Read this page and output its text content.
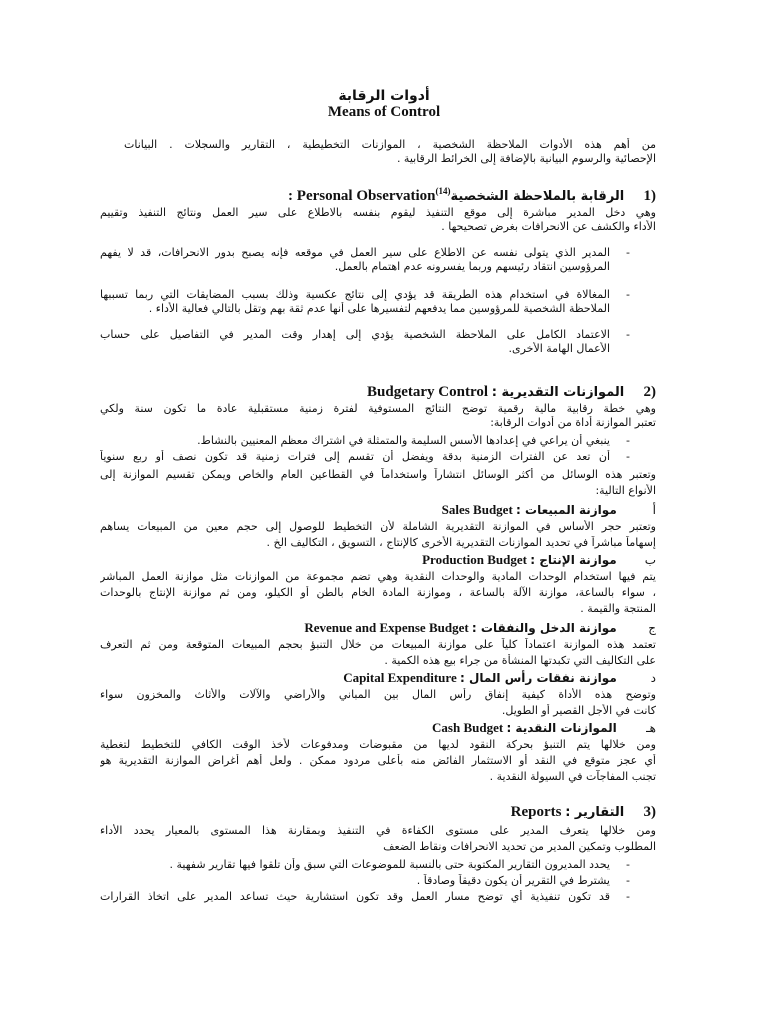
أدوات الرقابة
Means of Control
من أهم هذه الأدوات الملاحظة الشخصية ، الموازنات التخطيطية ، التقارير والسجلات . البيانات
الإحصائية والرسوم البيانية بالإضافة إلى الخرائط الرقابية .
(1 الرقابة بالملاحظة الشخصية$^{(14)}$: Personal Observation
وهي دخل المدير مباشرة إلى موقع التنفيذ ليقوم بنفسه بالاطلاع على سير العمل ونتائج التنفيذ وتقييم
الأداء والكشف عن الانحرافات بغرض تصحيحها .
-
المدير الذي يتولى نفسه عن الاطلاع على سير العمل في موقعه فإنه يصبح بدور الانحرافات، قد لا يفهم
المرؤوسين انتقاد رئيسهم وربما يفسرونه عدم اهتمام بالعمل.
-
المغالاة في استخدام هذه الطريقة قد يؤدي إلى نتائج عكسية وذلك بسبب المضايقات التي ربما تسببها
الملاحظة الشخصية للمرؤوسين مما يدفعهم لتفسيرها على أنها عدم ثقة بهم وتقل بالتالي فعالية الأداء .
-
الاعتماد الكامل على الملاحظة الشخصية يؤدي إلى إهدار وقت المدير في التفاصيل على حساب
الأعمال الهامة الأخرى.
(2 الموازنات التقديرية : Budgetary Control
وهي خطة رقابية مالية رقمية توضح النتائج المستوفية لفترة زمنية مستقبلية عادة ما تكون سنة ولكي
تعتبر الموازنة أداة من أدوات الرقابة:
-
ينبغي أن يراعي في إعدادها الأسس السليمة والمتمثلة في اشتراك معظم المعنيين بالنشاط.
-
أن تعد عن الفترات الزمنية بدقة ويفضل أن تقسم إلى فترات زمنية قد تكون نصف أو ربع سنوياً
وتعتبر هذه الوسائل من أكثر الوسائل انتشاراً واستخداماً في القطاعين العام والخاص ويمكن تقسيم الموازنة إلى
الأنواع التالية:
أ موازنة المبيعات : Sales Budget
وتعتبر حجر الأساس في الموازنة التقديرية الشاملة لأن التخطيط للوصول إلى حجم معين من المبيعات يساهم
إسهاماً مباشراً في تحديد الموازنات التقديرية الأخرى كالإنتاج ، التسويق ، التكاليف الخ .
ب موازنة الإنتاج : Production Budget
يتم فيها استخدام الوحدات المادية والوحدات النقدية وهي تضم مجموعة من الموازنات مثل موازنة العمل المباشر
، سواء بالساعة، موازنة الآلة بالساعة ، وموازنة المادة الخام بالطن أو الكيلو، ومن ثم موازنة الإنتاج بالوحدات
المنتجة والقيمة .
ج موازنة الدخل والنفقات : Revenue and Expense Budget
تعتمد هذه الموازنة اعتماداً كلياً على موازنة المبيعات من خلال التنبؤ بحجم المبيعات المتوقعة ومن ثم التعرف
على التكاليف التي تكبدتها المنشأة من جراء بيع هذه الكمية .
د موازنة نفقات رأس المال : Capital Expenditure
وتوضح هذه الأداة كيفية إنفاق رأس المال بين المباني والأراضي والآلات والأثاث والمخزون سواء
كانت في الأجل القصير أو الطويل.
هـ الموازنات النقدية : Cash Budget
ومن خلالها يتم التنبؤ بحركة النقود لديها من مقبوضات ومدفوعات لأخذ الوقت الكافي للتخطيط لتغطية
أي عجز متوقع في النقد أو الاستثمار الفائض منه بأعلى مردود ممكن . ولعل أهم أغراض الموازنة التقديرية هو
تجنب المفاجآت في السيولة النقدية .
(3 التقارير : Reports
ومن خلالها يتعرف المدير على مستوى الكفاءة في التنفيذ وبمقارنة هذا المستوى بالمعيار يحدد الأداء
المطلوب وتمكين المدير من تحديد الانحرافات ونقاط الضعف
-
يحدد المديرون التقارير المكتوبة حتى بالنسبة للموضوعات التي سبق وأن تلقوا فيها تقارير شفهية .
-
يشترط في التقرير أن يكون دقيقاً وصادقاً .
-
قد تكون تنفيذية أي توضح مسار العمل وقد تكون استشارية حيث تساعد المدير على اتخاذ القرارات
